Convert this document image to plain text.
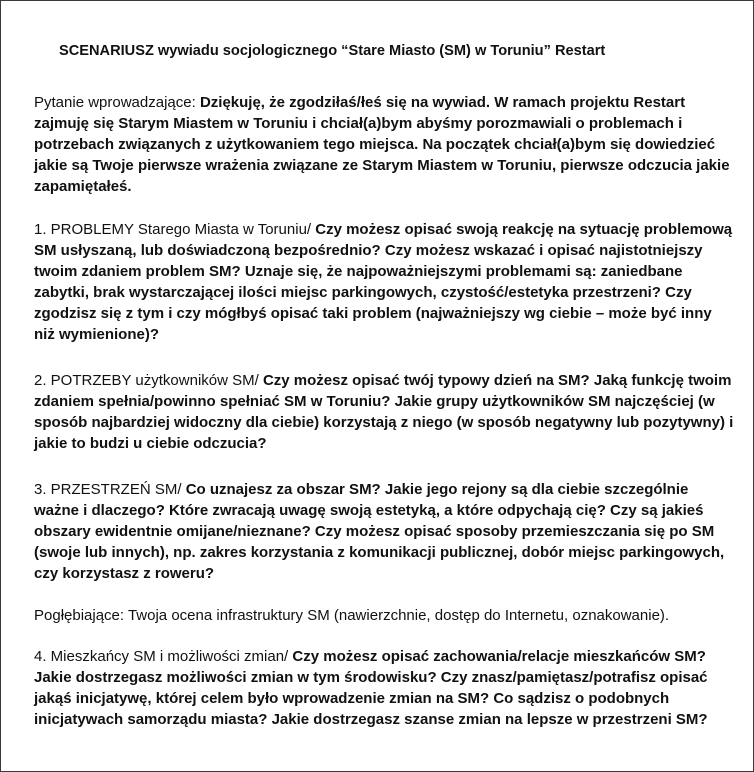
SCENARIUSZ wywiadu socjologicznego “Stare Miasto (SM) w Toruniu” Restart

Pytanie wprowadzające: Dziękuję, że zgodziłaś/łeś się na wywiad. W ramach projektu Restart zajmuję się Starym Miastem w Toruniu i chciał(a)bym abyśmy porozmawiali o problemach i potrzebach związanych z użytkowaniem tego miejsca. Na początek chciał(a)bym się dowiedzieć jakie są Twoje pierwsze wrażenia związane ze Starym Miastem w Toruniu, pierwsze odczucia jakie zapamiętałeś.

1. PROBLEMY Starego Miasta w Toruniu/ Czy możesz opisać swoją reakcję na sytuację problemową SM usłyszaną, lub doświadczoną bezpośrednio? Czy możesz wskazać i opisać najistotniejszy twoim zdaniem problem SM? Uznaje się, że najpoważniejszymi problemami są: zaniedbane zabytki, brak wystarczającej ilości miejsc parkingowych, czystość/estetyka przestrzeni? Czy zgodzisz się z tym i czy mógłbyś opisać taki problem (najważniejszy wg ciebie – może być inny niż wymienione)?

2. POTRZEBY użytkowników SM/ Czy możesz opisać twój typowy dzień na SM? Jaką funkcję twoim zdaniem spełnia/powinno spełniać SM w Toruniu? Jakie grupy użytkowników SM najczęściej (w sposób najbardziej widoczny dla ciebie) korzystają z niego (w sposób negatywny lub pozytywny) i jakie to budzi u ciebie odczucia?

3. PRZESTRZEŃ SM/ Co uznajesz za obszar SM? Jakie jego rejony są dla ciebie szczególnie ważne i dlaczego? Które zwracają uwagę swoją estetyką, a które odpychają cię? Czy są jakieś obszary ewidentnie omijane/nieznane? Czy możesz opisać sposoby przemieszczania się po SM (swoje lub innych), np. zakres korzystania z komunikacji publicznej, dobór miejsc parkingowych, czy korzystasz z roweru?

Pogłębiające: Twoja ocena infrastruktury SM (nawierzchnie, dostęp do Internetu, oznakowanie).

4. Mieszkańcy SM i możliwości zmian/ Czy możesz opisać zachowania/relacje mieszkańców SM? Jakie dostrzegasz możliwości zmian w tym środowisku? Czy znasz/pamiętasz/potrafisz opisać jakąś inicjatywę, której celem było wprowadzenie zmian na SM? Co sądzisz o podobnych inicjatywach samorządu miasta? Jakie dostrzegasz szanse zmian na lepsze w przestrzeni SM?
